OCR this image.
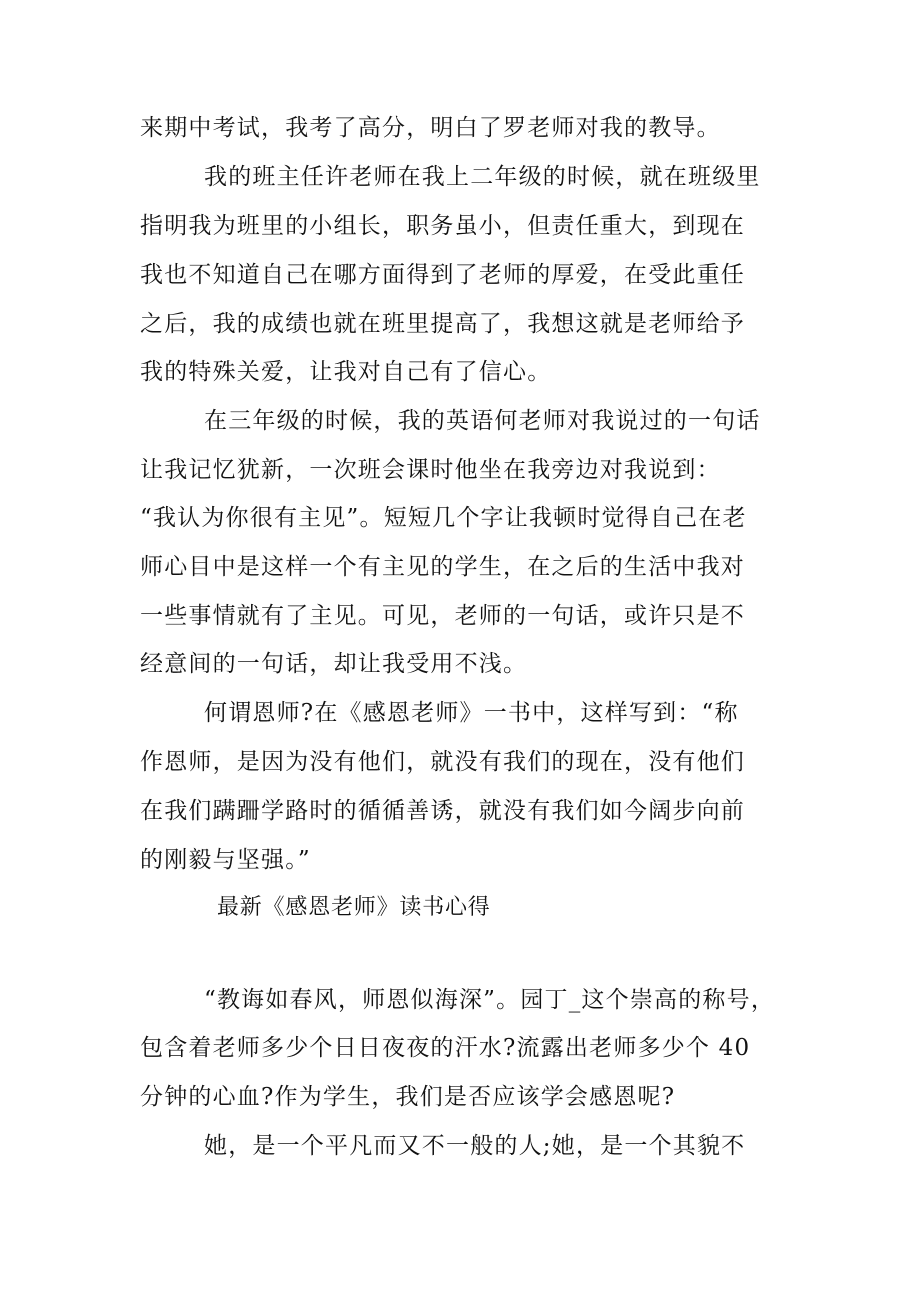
来期中考试，我考了高分，明白了罗老师对我的教导。
我的班主任许老师在我上二年级的时候，就在班级里
指明我为班里的小组长，职务虽小，但责任重大，到现在
我也不知道自己在哪方面得到了老师的厚爱，在受此重任
之后，我的成绩也就在班里提高了，我想这就是老师给予
我的特殊关爱，让我对自己有了信心。
在三年级的时候，我的英语何老师对我说过的一句话
让我记忆犹新，一次班会课时他坐在我旁边对我说到：
“我认为你很有主见”。短短几个字让我顿时觉得自己在老
师心目中是这样一个有主见的学生，在之后的生活中我对
一些事情就有了主见。可见，老师的一句话，或许只是不
经意间的一句话，却让我受用不浅。
何谓恩师?在《感恩老师》一书中，这样写到：“称
作恩师，是因为没有他们，就没有我们的现在，没有他们
在我们蹒跚学路时的循循善诱，就没有我们如今阔步向前
的刚毅与坚强。”
最新《感恩老师》读书心得
“教诲如春风，师恩似海深”。园丁_这个崇高的称号，
包含着老师多少个日日夜夜的汗水?流露出老师多少个 40
分钟的心血?作为学生，我们是否应该学会感恩呢?
她，是一个平凡而又不一般的人;她，是一个其貌不
